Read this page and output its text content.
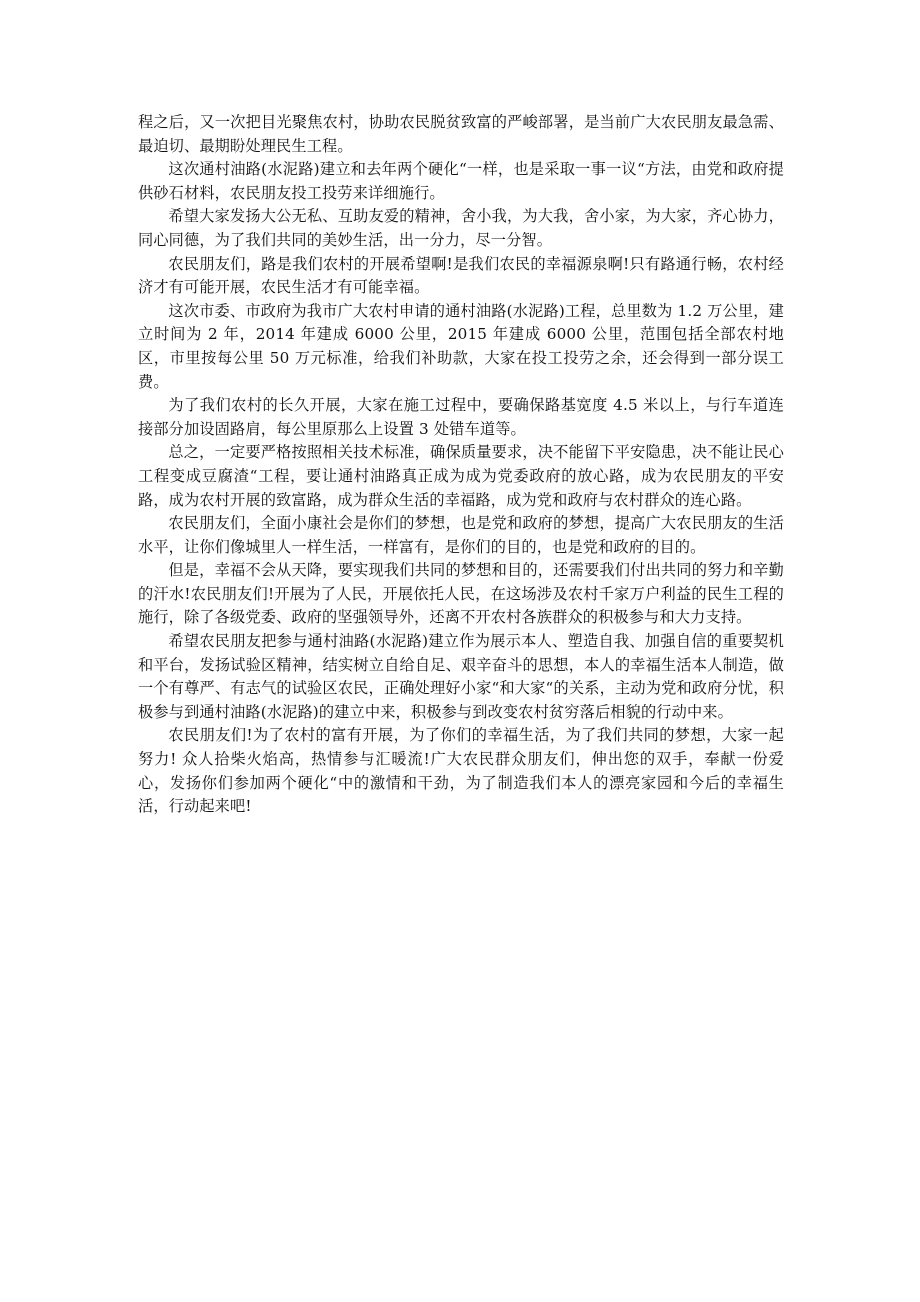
程之后，又一次把目光聚焦农村，协助农民脱贫致富的严峻部署，是当前广大农民朋友最急需、最迫切、最期盼处理民生工程。

这次通村油路(水泥路)建立和去年两个硬化“一样，也是采取一事一议“方法，由党和政府提供砂石材料，农民朋友投工投劳来详细施行。

希望大家发扬大公无私、互助友爱的精神，舍小我，为大我，舍小家，为大家，齐心协力，同心同德，为了我们共同的美妙生活，出一分力，尽一分智。

农民朋友们，路是我们农村的开展希望啊!是我们农民的幸福源泉啊!只有路通行畅，农村经济才有可能开展，农民生活才有可能幸福。

这次市委、市政府为我市广大农村申请的通村油路(水泥路)工程，总里数为 1.2 万公里，建立时间为 2 年，2014 年建成 6000 公里，2015 年建成 6000 公里，范围包括全部农村地区，市里按每公里 50 万元标准，给我们补助款，大家在投工投劳之余，还会得到一部分误工费。

为了我们农村的长久开展，大家在施工过程中，要确保路基宽度 4.5 米以上，与行车道连接部分加设固路肩，每公里原那么上设置 3 处错车道等。

总之，一定要严格按照相关技术标准，确保质量要求，决不能留下平安隐患，决不能让民心工程变成豆腐渣“工程，要让通村油路真正成为成为党委政府的放心路，成为农民朋友的平安路，成为农村开展的致富路，成为群众生活的幸福路，成为党和政府与农村群众的连心路。

农民朋友们，全面小康社会是你们的梦想，也是党和政府的梦想，提高广大农民朋友的生活水平，让你们像城里人一样生活，一样富有，是你们的目的，也是党和政府的目的。

但是，幸福不会从天降，要实现我们共同的梦想和目的，还需要我们付出共同的努力和辛勤的汗水!农民朋友们!开展为了人民，开展依托人民，在这场涉及农村千家万户利益的民生工程的施行，除了各级党委、政府的坚强领导外，还离不开农村各族群众的积极参与和大力支持。

希望农民朋友把参与通村油路(水泥路)建立作为展示本人、塑造自我、加强自信的重要契机和平台，发扬试验区精神，结实树立自给自足、艰辛奋斗的思想，本人的幸福生活本人制造，做一个有尊严、有志气的试验区农民，正确处理好小家“和大家“的关系，主动为党和政府分忧，积极参与到通村油路(水泥路)的建立中来，积极参与到改变农村贫穷落后相貌的行动中来。

农民朋友们!为了农村的富有开展，为了你们的幸福生活，为了我们共同的梦想，大家一起努力! 众人拾柴火焰高，热情参与汇暖流!广大农民群众朋友们，伸出您的双手，奉献一份爱心，发扬你们参加两个硬化“中的激情和干劲，为了制造我们本人的漂亮家园和今后的幸福生活，行动起来吧!
